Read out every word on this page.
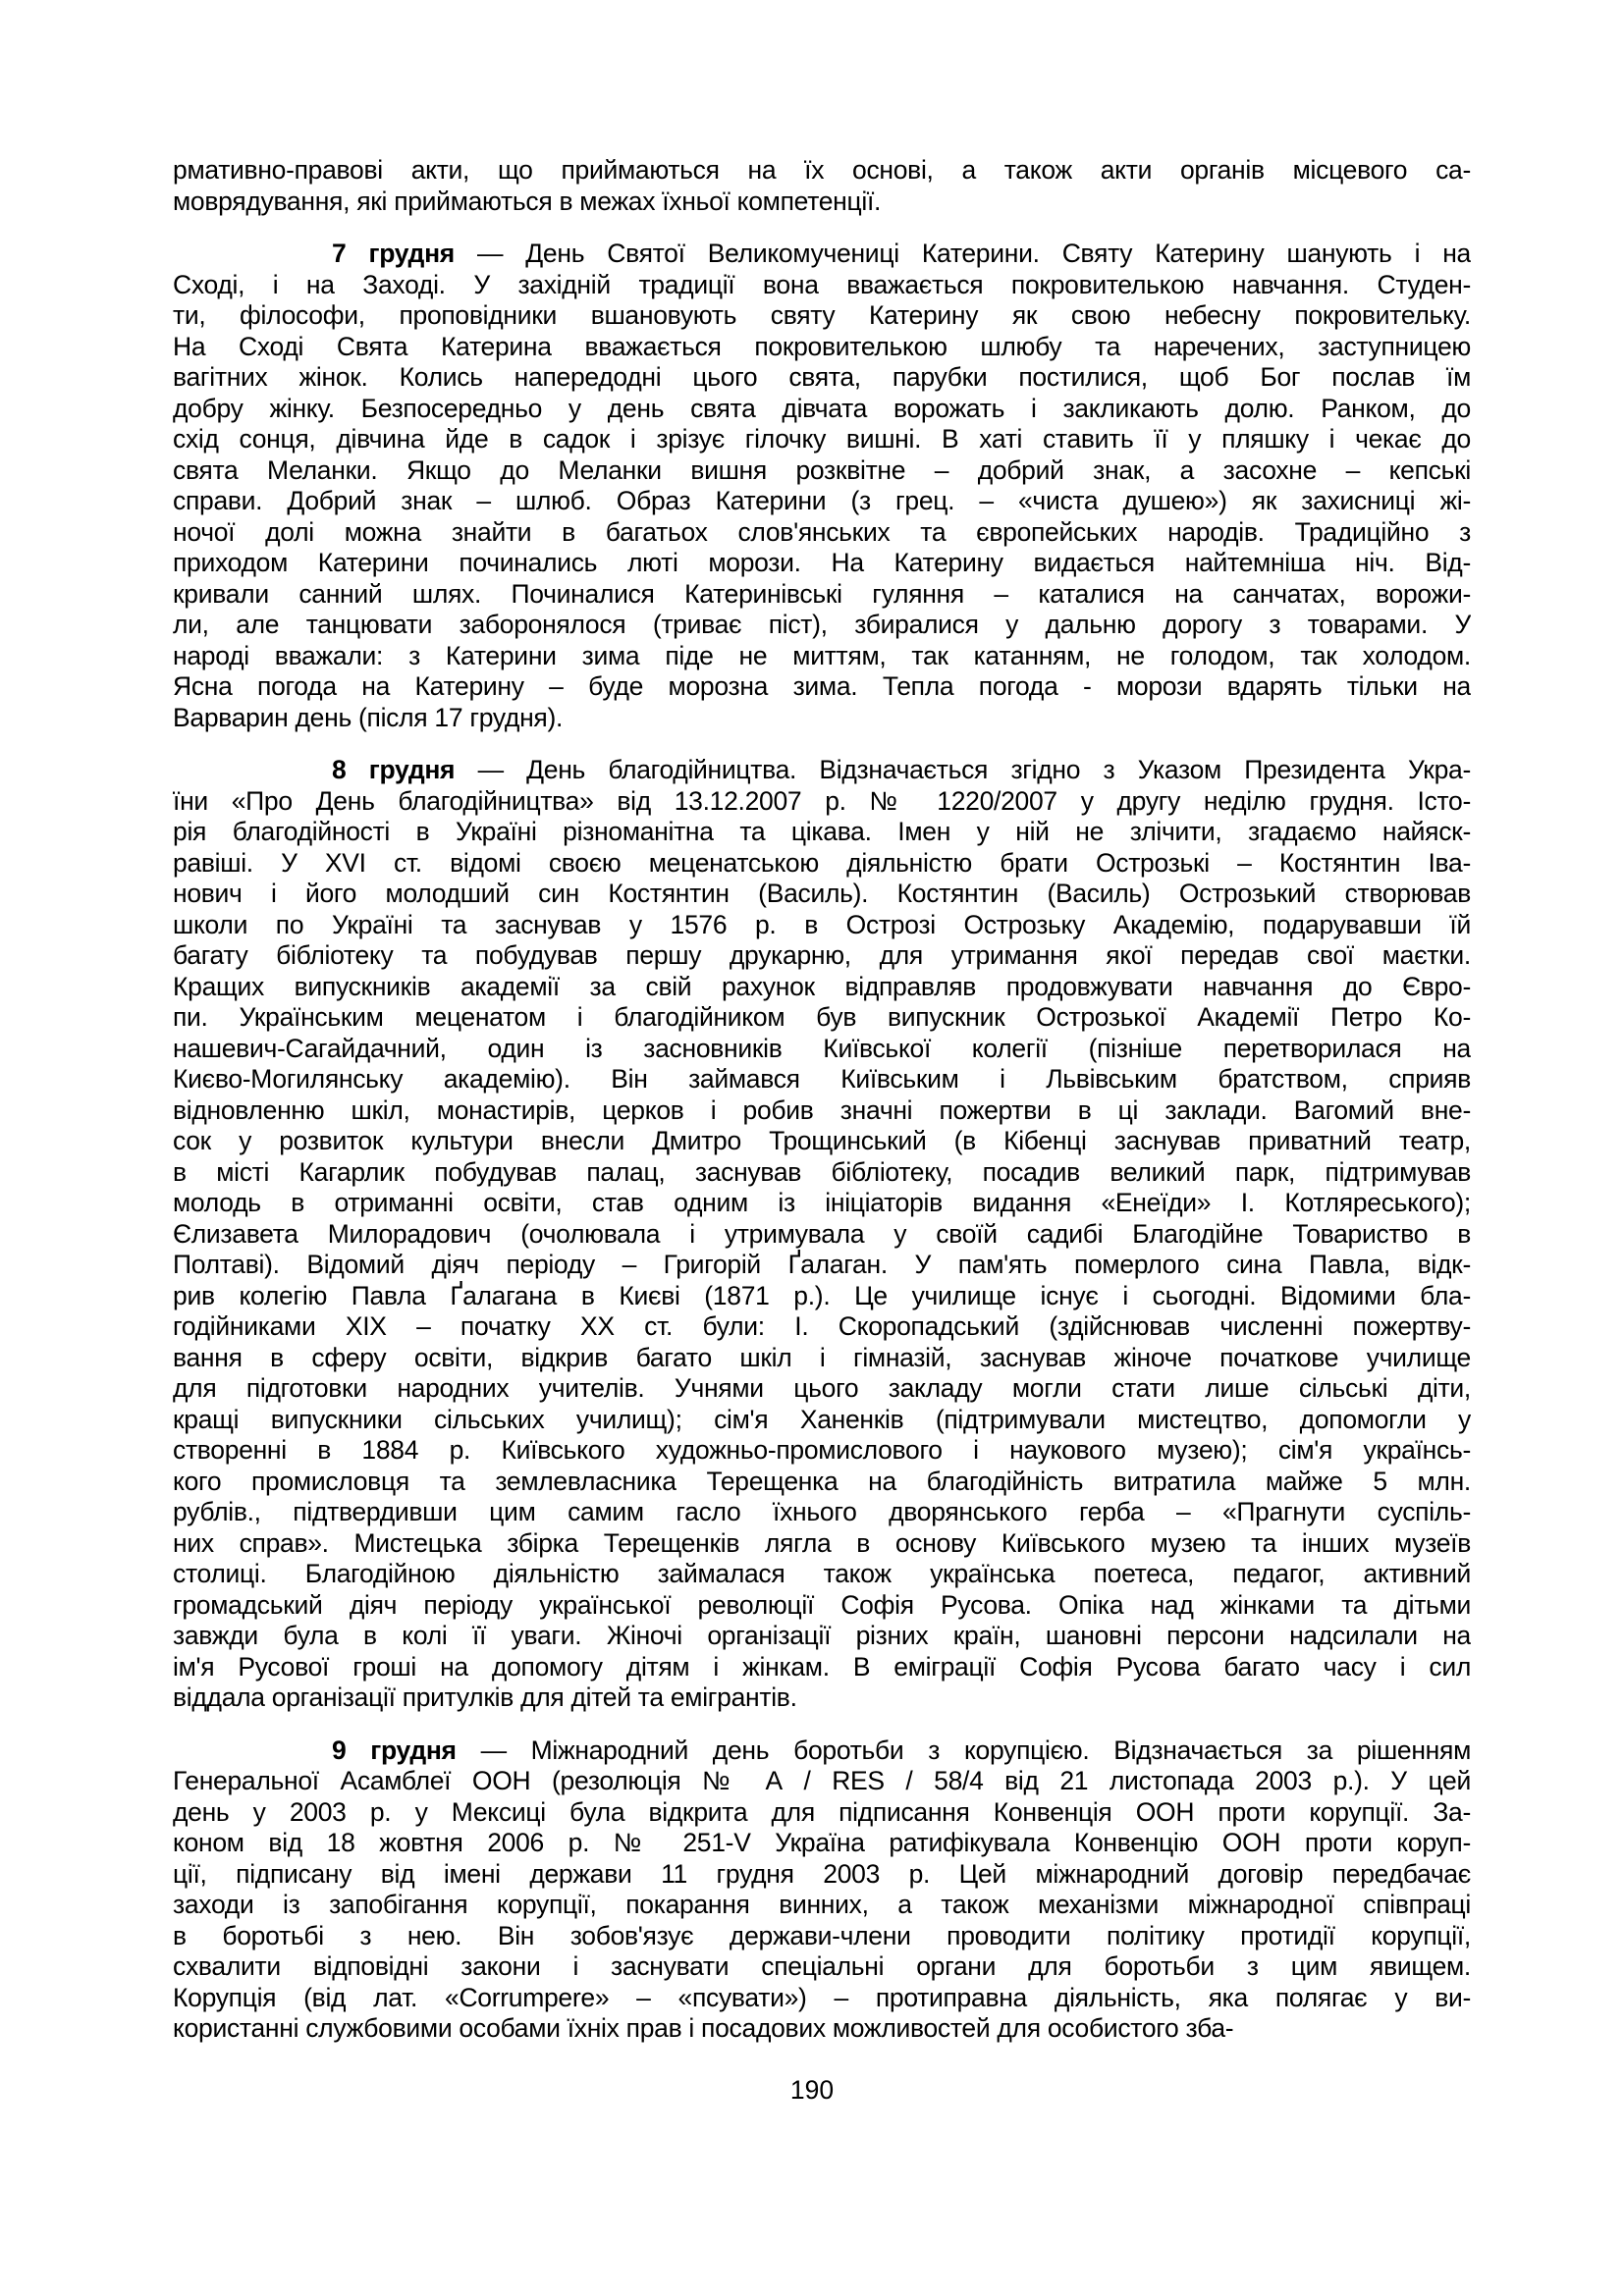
рмативно-правові акти, що приймаються на їх основі, а також акти органів місцевого са-
моврядування, які приймаються в межах їхньої компетенції.
7 грудня — День Святої Великомучениці Катерини. Святу Катерину шанують і на
Сході, і на Заході. У західній традиції вона вважається покровителькою навчання. Студен-
ти, філософи, проповідники вшановують святу Катерину як свою небесну покровительку.
На Сході Свята Катерина вважається покровителькою шлюбу та наречених, заступницею
вагітних жінок. Колись напередодні цього свята, парубки постилися, щоб Бог послав їм
добру жінку. Безпосередньо у день свята дівчата ворожать і закликають долю. Ранком, до
схід сонця, дівчина йде в садок і зрізує гілочку вишні. В хаті ставить її у пляшку і чекає до
свята Меланки. Якщо до Меланки вишня розквітне – добрий знак, а засохне – кепські
справи. Добрий знак – шлюб. Образ Катерини (з грец. – «чиста душею») як захисниці жі-
ночої долі можна знайти в багатьох слов'янських та європейських народів. Традиційно з
приходом Катерини починались люті морози. На Катерину видається найтемніша ніч. Від-
кривали санний шлях. Починалися Катеринівські гуляння – каталися на санчатах, ворожи-
ли, але танцювати заборонялося (триває піст), збиралися у дальню дорогу з товарами. У
народі вважали: з Катерини зима піде не миттям, так катанням, не голодом, так холодом.
Ясна погода на Катерину – буде морозна зима. Тепла погода - морози вдарять тільки на
Варварин день (після 17 грудня).
8 грудня — День благодійництва. Відзначається згідно з Указом Президента Укра-
їни «Про День благодійництва» від 13.12.2007 р. № 1220/2007 у другу неділю грудня. Істо-
рія благодійності в Україні різноманітна та цікава. Імен у ній не злічити, згадаємо найяск-
равіші. У XVI ст. відомі своєю меценатською діяльністю брати Острозькі – Костянтин Іва-
нович і його молодший син Костянтин (Василь). Костянтин (Василь) Острозький створював
школи по Україні та заснував у 1576 р. в Острозі Острозьку Академію, подарувавши їй
багату бібліотеку та побудував першу друкарню, для утримання якої передав свої маєтки.
Кращих випускників академії за свій рахунок відправляв продовжувати навчання до Євро-
пи. Українським меценатом і благодійником був випускник Острозької Академії Петро Ко-
нашевич-Сагайдачний, один із засновників Київської колегії (пізніше перетворилася на
Києво-Могилянську академію). Він займався Київським і Львівським братством, сприяв
відновленню шкіл, монастирів, церков і робив значні пожертви в ці заклади. Вагомий вне-
сок у розвиток культури внесли Дмитро Трощинський (в Кібенці заснував приватний театр,
в місті Кагарлик побудував палац, заснував бібліотеку, посадив великий парк, підтримував
молодь в отриманні освіти, став одним із ініціаторів видання «Енеїди» І. Котляреського);
Єлизавета Милорадович (очолювала і утримувала у своїй садибі Благодійне Товариство в
Полтаві). Відомий діяч періоду – Григорій Ґалаган. У пам'ять померлого сина Павла, відк-
рив колегію Павла Ґалагана в Києві (1871 р.). Це училище існує і сьогодні. Відомими бла-
годійниками XIX – початку XX ст. були: І. Скоропадський (здійснював численні пожертву-
вання в сферу освіти, відкрив багато шкіл і гімназій, заснував жіноче початкове училище
для підготовки народних учителів. Учнями цього закладу могли стати лише сільські діти,
кращі випускники сільських училищ); сім'я Ханенків (підтримували мистецтво, допомогли у
створенні в 1884 р. Київського художньо-промислового і наукового музею); сім'я українсь-
кого промисловця та землевласника Терещенка на благодійність витратила майже 5 млн.
рублів., підтвердивши цим самим гасло їхнього дворянського герба – «Прагнути суспіль-
них справ». Мистецька збірка Терещенків лягла в основу Київського музею та інших музеїв
столиці. Благодійною діяльністю займалася також українська поетеса, педагог, активний
громадський діяч періоду української революції Софія Русова. Опіка над жінками та дітьми
завжди була в колі її уваги. Жіночі організації різних країн, шановні персони надсилали на
ім'я Русової гроші на допомогу дітям і жінкам. В еміграції Софія Русова багато часу і сил
віддала організації притулків для дітей та емігрантів.
9 грудня — Міжнародний день боротьби з корупцією. Відзначається за рішенням
Генеральної Асамблеї ООН (резолюція № А / RES / 58/4 від 21 листопада 2003 р.). У цей
день у 2003 р. у Мексиці була відкрита для підписання Конвенція ООН проти корупції. За-
коном від 18 жовтня 2006 р. № 251-V Україна ратифікувала Конвенцію ООН проти коруп-
ції, підписану від імені держави 11 грудня 2003 р. Цей міжнародний договір передбачає
заходи із запобігання корупції, покарання винних, а також механізми міжнародної співпраці
в боротьбі з нею. Він зобов'язує держави-члени проводити політику протидії корупції,
схвалити відповідні закони і заснувати спеціальні органи для боротьби з цим явищем.
Корупція (від лат. «Corrumpere» – «псувати») – протиправна діяльність, яка полягає у ви-
користанні службовими особами їхніх прав і посадових можливостей для особистого зба-
190
